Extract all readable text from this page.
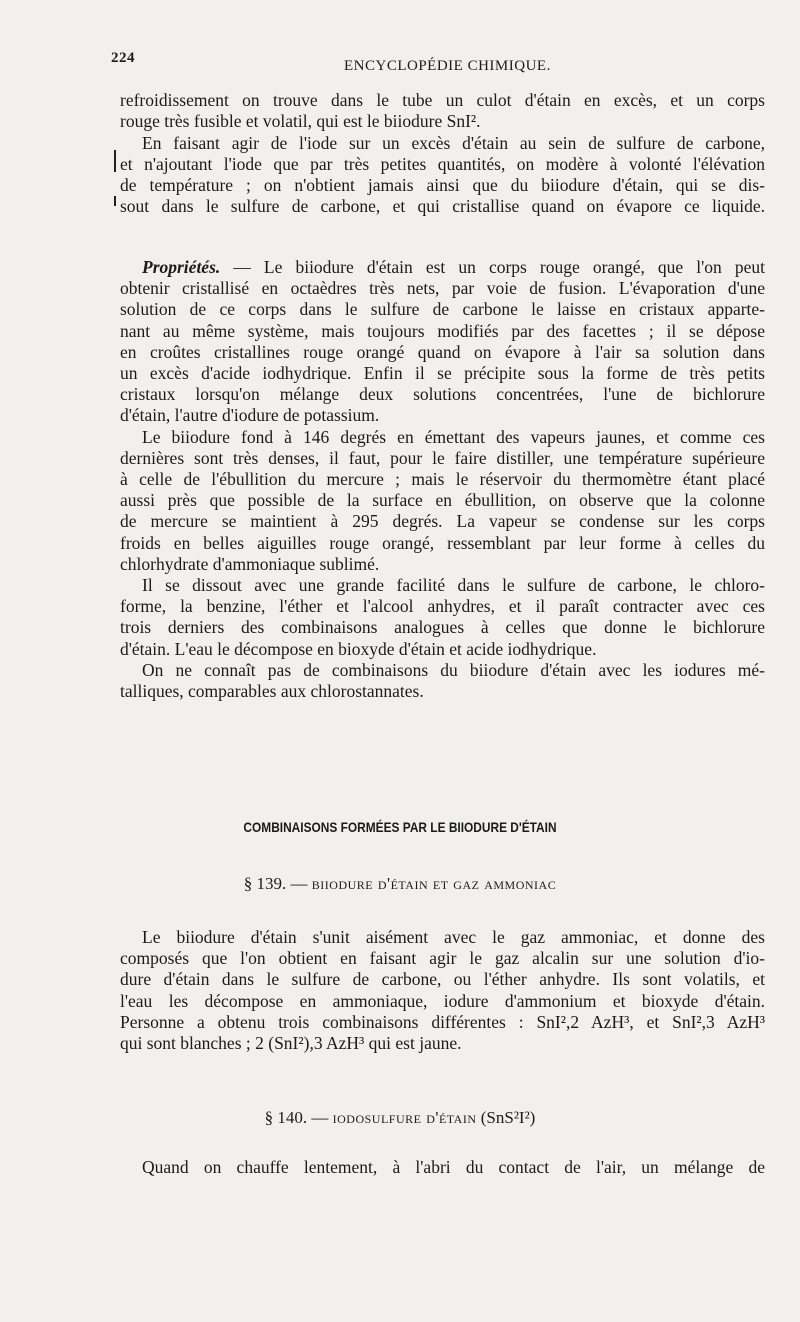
224	ENCYCLOPÉDIE CHIMIQUE.
refroidissement on trouve dans le tube un culot d'étain en excès, et un corps
rouge très fusible et volatil, qui est le biiodure SnI².
En faisant agir de l'iode sur un excès d'étain au sein de sulfure de carbone,
et n'ajoutant l'iode que par très petites quantités, on modère à volonté l'élévation
de température ; on n'obtient jamais ainsi que du biiodure d'étain, qui se dis-
sout dans le sulfure de carbone, et qui cristallise quand on évapore ce liquide.
Propriétés. — Le biiodure d'étain est un corps rouge orangé, que l'on peut
obtenir cristallisé en octaèdres très nets, par voie de fusion. L'évaporation d'une
solution de ce corps dans le sulfure de carbone le laisse en cristaux apparte-
nant au même système, mais toujours modifiés par des facettes ; il se dépose
en croûtes cristallines rouge orangé quand on évapore à l'air sa solution dans
un excès d'acide iodhydrique. Enfin il se précipite sous la forme de très petits
cristaux lorsqu'on mélange deux solutions concentrées, l'une de bichlorure
d'étain, l'autre d'iodure de potassium.
Le biiodure fond à 146 degrés en émettant des vapeurs jaunes, et comme ces
dernières sont très denses, il faut, pour le faire distiller, une température supérieure
à celle de l'ébullition du mercure ; mais le réservoir du thermomètre étant placé
aussi près que possible de la surface en ébullition, on observe que la colonne
de mercure se maintient à 295 degrés. La vapeur se condense sur les corps
froids en belles aiguilles rouge orangé, ressemblant par leur forme à celles du
chlorhydrate d'ammoniaque sublimé.
Il se dissout avec une grande facilité dans le sulfure de carbone, le chloro-
forme, la benzine, l'éther et l'alcool anhydres, et il paraît contracter avec ces
trois derniers des combinaisons analogues à celles que donne le bichlorure
d'étain. L'eau le décompose en bioxyde d'étain et acide iodhydrique.
On ne connaît pas de combinaisons du biiodure d'étain avec les iodures mé-
talliques, comparables aux chlorostannates.
COMBINAISONS FORMÉES PAR LE BIIODURE D'ÉTAIN
§ 139. — biiodure d'étain et gaz ammoniac
Le biiodure d'étain s'unit aisément avec le gaz ammoniac, et donne des
composés que l'on obtient en faisant agir le gaz alcalin sur une solution d'io-
dure d'étain dans le sulfure de carbone, ou l'éther anhydre. Ils sont volatils, et
l'eau les décompose en ammoniaque, iodure d'ammonium et bioxyde d'étain.
Personne a obtenu trois combinaisons différentes : SnI²,2 AzH³, et SnI²,3 AzH³
qui sont blanches ; 2 (SnI²),3 AzH³ qui est jaune.
§ 140. — iodosulfure d'étain (SnS²I²)
Quand on chauffe lentement, à l'abri du contact de l'air, un mélange de
